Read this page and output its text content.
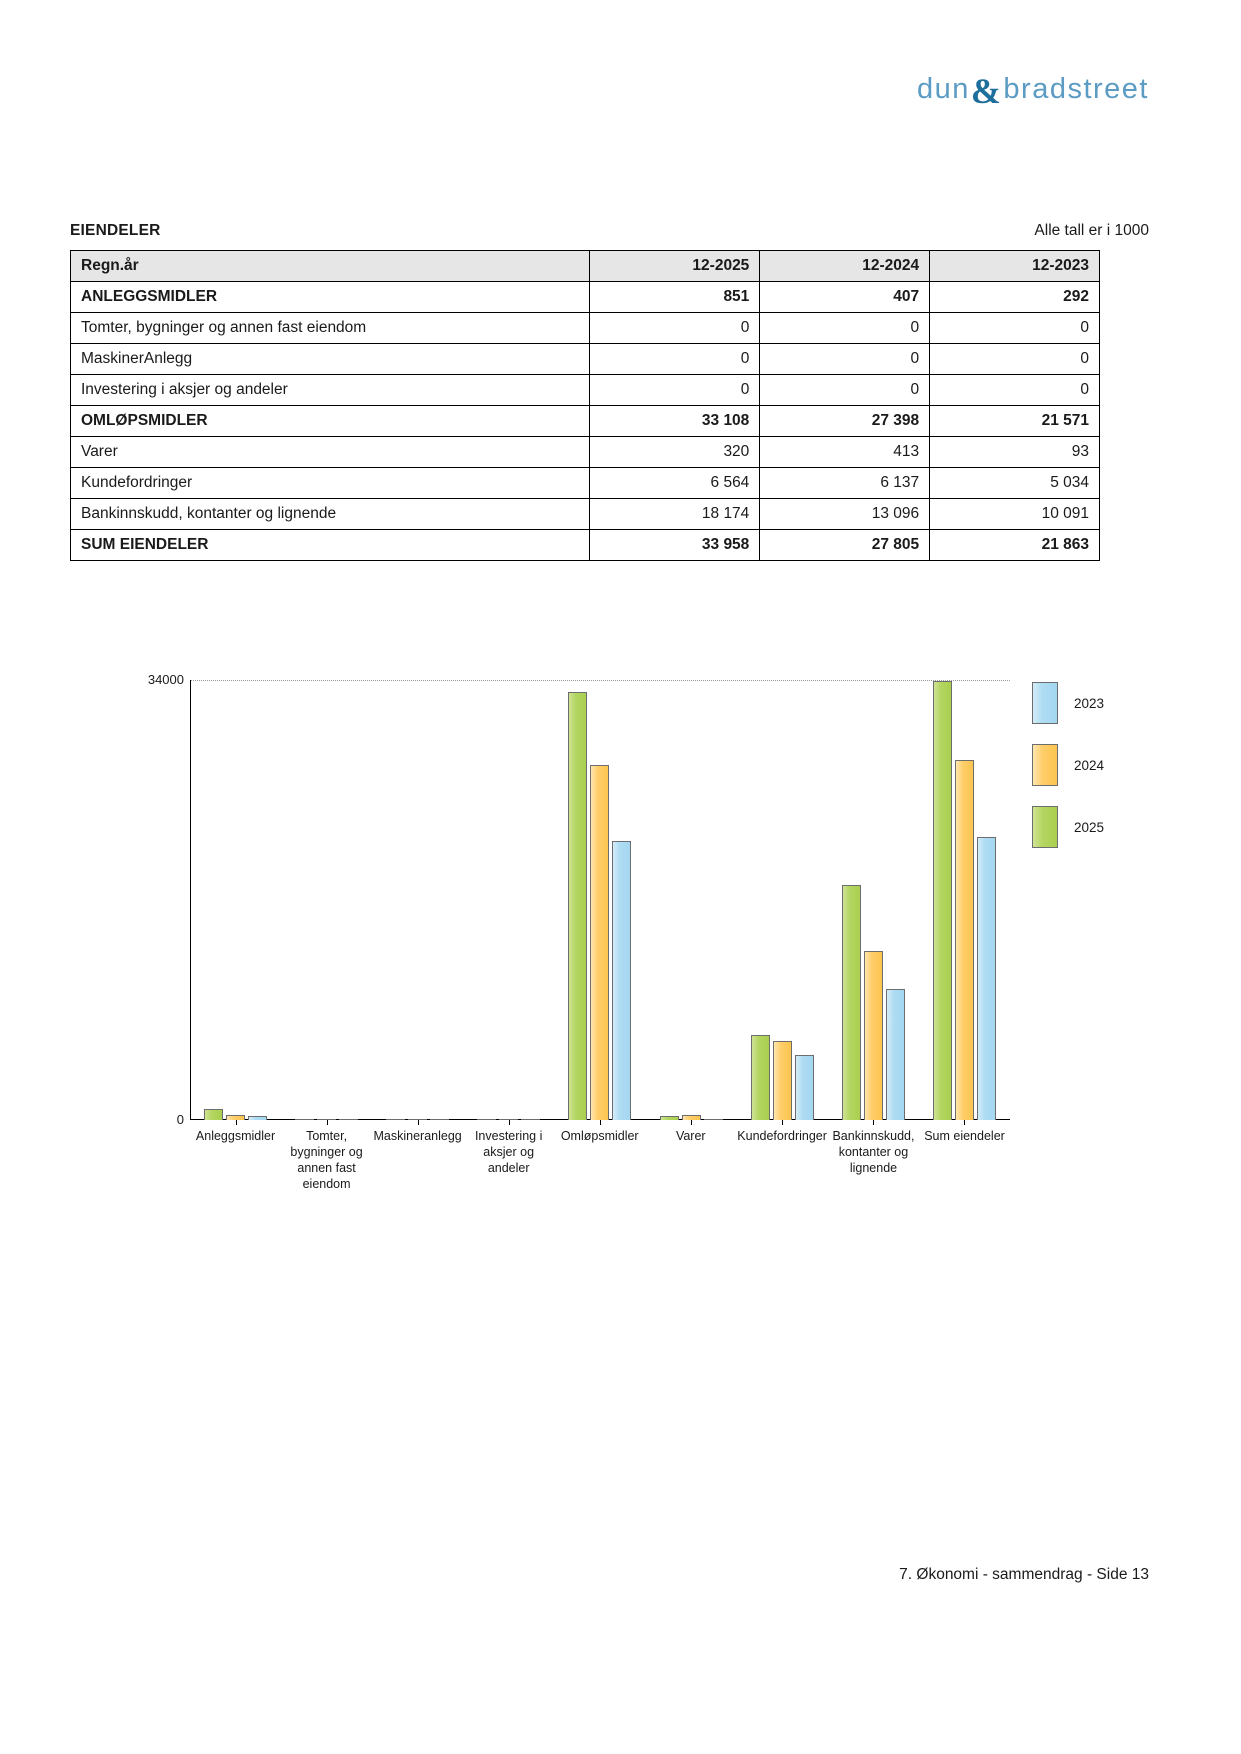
dun & bradstreet
EIENDELER	Alle tall er i 1000
Regn.år	12-2025	12-2024	12-2023
ANLEGGSMIDLER	851	407	292
Tomter, bygninger og annen fast eiendom	0	0	0
MaskinerAnlegg	0	0	0
Investering i aksjer og andeler	0	0	0
OMLØPSMIDLER	33 108	27 398	21 571
Varer	320	413	93
Kundefordringer	6 564	6 137	5 034
Bankinnskudd, kontanter og lignende	18 174	13 096	10 091
SUM EIENDELER	33 958	27 805	21 863
34000
0
Anleggsmidler	Tomter, bygninger og annen fast eiendom
Maskineranlegg	Investering i aksjer og andeler
Omløpsmidler	Varer	Kundefordringer Bankinnskudd, kontanter og lignende
Sum eiendeler
2023
2024
2025
7. Økonomi - sammendrag - Side 13
